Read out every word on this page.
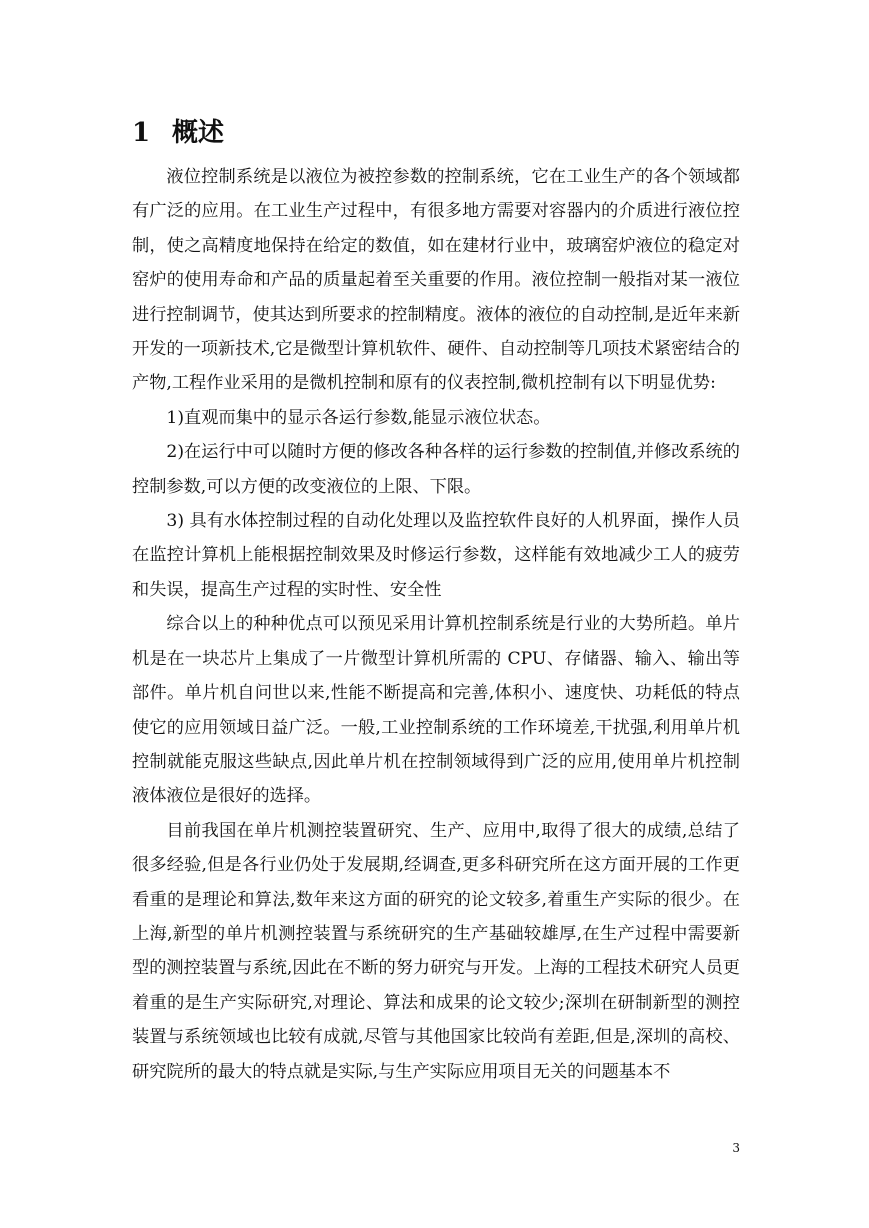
1 概述

液位控制系统是以液位为被控参数的控制系统，它在工业生产的各个领域都有广泛的应用。在工业生产过程中，有很多地方需要对容器内的介质进行液位控制，使之高精度地保持在给定的数值，如在建材行业中，玻璃窑炉液位的稳定对窑炉的使用寿命和产品的质量起着至关重要的作用。液位控制一般指对某一液位进行控制调节，使其达到所要求的控制精度。液体的液位的自动控制,是近年来新开发的一项新技术,它是微型计算机软件、硬件、自动控制等几项技术紧密结合的产物,工程作业采用的是微机控制和原有的仪表控制,微机控制有以下明显优势:

1)直观而集中的显示各运行参数,能显示液位状态。

2)在运行中可以随时方便的修改各种各样的运行参数的控制值,并修改系统的控制参数,可以方便的改变液位的上限、下限。

3) 具有水体控制过程的自动化处理以及监控软件良好的人机界面，操作人员在监控计算机上能根据控制效果及时修运行参数，这样能有效地减少工人的疲劳和失误，提高生产过程的实时性、安全性

综合以上的种种优点可以预见采用计算机控制系统是行业的大势所趋。单片机是在一块芯片上集成了一片微型计算机所需的 CPU、存储器、输入、输出等部件。单片机自问世以来,性能不断提高和完善,体积小、速度快、功耗低的特点使它的应用领域日益广泛。一般,工业控制系统的工作环境差,干扰强,利用单片机控制就能克服这些缺点,因此单片机在控制领域得到广泛的应用,使用单片机控制液体液位是很好的选择。

目前我国在单片机测控装置研究、生产、应用中,取得了很大的成绩,总结了很多经验,但是各行业仍处于发展期,经调查,更多科研究所在这方面开展的工作更看重的是理论和算法,数年来这方面的研究的论文较多,着重生产实际的很少。在上海,新型的单片机测控装置与系统研究的生产基础较雄厚,在生产过程中需要新型的测控装置与系统,因此在不断的努力研究与开发。上海的工程技术研究人员更着重的是生产实际研究,对理论、算法和成果的论文较少;深圳在研制新型的测控装置与系统领域也比较有成就,尽管与其他国家比较尚有差距,但是,深圳的高校、研究院所的最大的特点就是实际,与生产实际应用项目无关的问题基本不

3
